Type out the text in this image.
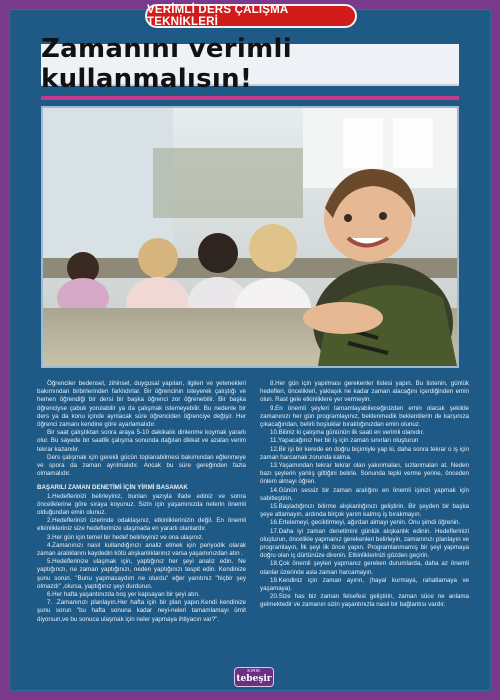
VERİMLİ DERS ÇALIŞMA TEKNİKLERİ
Zamanını verimli kullanmalısın!

Öğrenciler bedensel, zihinsel, duygusal yapıları, ilgileri ve yetenekleri bakımından birbirlerinden farklıdırlar. Bir öğrencinin isteyerek çalıştığı ve hemen öğrendiği bir dersi bir başka öğrenci zor öğrenebilir. Bir başka öğrenciyse çabuk yorulabilir ya da çalışmak istemeyebilir. Bu nedenle bir ders ya da konu içinde ayrılacak süre öğrenciden öğrenciye değişir. Her öğrenci zamanı kendine göre ayarlamalıdır.

Bir saat çalıştıktan sonra araya 5-10 dakikalık dinlenme koymak yararlı olur. Bu sayede bir saatlik çalışma sonunda dağılan dikkat ve azalan verim tekrar kazanılır.

Ders çalışmak için gerekli gücün toplanabilmesi bakımından eğlenmeye ve spora da zaman ayrılmalıdır. Ancak bu süre gereğinden fazla olmamalıdır.

BAŞARILI ZAMAN DENETİMİ İÇİN YİRMİ BASAMAK

1.Hedeflerinizi belirleyiniz, bunları yazıyla ifade ediniz ve sonra önceliklerine göre sıraya koyunuz. Sizin için yaşamınızda nelerin önemli olduğundan emin olunuz.

2.Hedeflerinizi üzerinde odaklaşınız, etkinliklerinizin değil. En önemli etkinlikleriniz size hedeflerinize ulaşmada en yararlı olanlardır.

3.Her gün için temel bir hedef belirleyiniz ve ona ulaşınız.

4.Zamanınızı nasıl kullandığınızı analiz etmek için periyodik olarak zaman aralıklarını kaydedin kötü alışkanlıklarınız varsa yaşamınızdan atın .

5.Hedeflerinize ulaşmak için, yaptığınız her şeyi analiz edin. Ne yaptığınızı, ne zaman yaptığınızı, neden yaptığınızı tespit edin. Kendinize şunu sorun. "Bunu yapmasaydım ne olurdu" eğer yanıtınız "hiçbir şey olmazdı" ,olursa, yaptığınız şeyi durdurun.

6.Her hafta yaşantınızda boş yer kapsayan bir şeyi atın.

7. .Zamanınızı planlayın.Her hafta için bir plan yapın.Kendi kendinize şunu sorun "bu hafta sonuna kadar neyi-neleri tamamlamayı ümit diyorsun,ve bu sonuca ulaşmak için neler yapmaya ihtiyacın var?".

8.Her gün için yapılması gerekenler listesi yapın. Bu listenin, günlük hedefleri, öncelikleri, yaklaşık ne kadar zaman alacağını içerdiğinden emin olun. Rast gele etkinliklere yer vermeyin.

9.En önemli şeyleri tamamlayabileceğinizden emin olacak şekilde zamanınızı her gün programlayınız, beklenmedik beklentilerin de karşınıza çıkacağından, belirli boşluklar bıraktığınızdan emin olunuz.

10.Biliniz ki çalışma gününün ilk saati en verimli olanıdır.

11.Yapacağınız her bir iş için zaman sınırları oluşturun

12.Bir işi bir kerede en doğru biçimiyle yap ki, daha sonra tekrar o iş için zaman harcamak zorunda kalma.

13.Yaşamından tekrar tekrar olan yakınmaları, sızlanmaları at. Neden bazı şeylerin yanlış gittiğini belirle. Sonunda tepki verme yerine, önceden önlem almayı öğren.

14.Günün sessiz bir zaman aralığını en önemli işinizi yapmak için sabitleştirin.

15.Başladığınızı bitirme alışkanlığınızı geliştirin. Bir şeyden bir başka şeye atlamayın, ardında birçok yarım kalmış iş bırakmayın.

16.Ertelemeyi, geciktirmeyi, ağırdan almayı yenin. Onu şimdi öğrenin.

17.Daha iyi zaman denetimini günlük alışkanlık edinin. Hedeflerinizi oluşturun, öncelikle yapmanız gerekenleri belirleyin, zamanınızı planlayın ve programlayın, İlk şeyi ilk önce yapın. Programlanmamış bir şeyi yapmaya doğru olan iç dürtünüze direnin. Etkinliklerinizi gözden geçirin.

18.Çok önemli şeyleri yapmanız gereken durumlarda, daha az önemli olanlar üzerinde asla zaman harcamayın.

19.Kendiniz için zaman ayırın, (hayal kurmaya, rahatlamaya ve yaşamaya).

20.Size has biz zaman felsefesi geliştirin, zaman süce ne anlama gelmektedir ve zamanın sizin yaşantınızla nasıl bir bağlantısı vardır.

KIRIK
tebeşir
